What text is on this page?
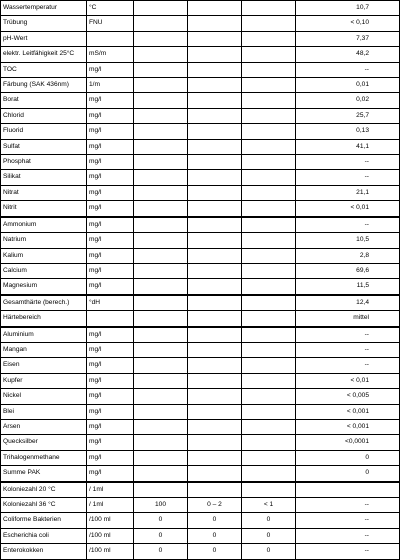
Wassertemperatur	°C				10,7
Trübung	FNU				< 0,10
pH-Wert					7,37
elektr. Leitfähigkeit 25°C	mS/m				48,2
TOC	mg/l				--
Färbung (SAK 436nm)	1/m				0,01
Borat	mg/l				0,02
Chlorid	mg/l				25,7
Fluorid	mg/l				0,13
Sulfat	mg/l				41,1
Phosphat	mg/l				--
Silikat	mg/l				--
Nitrat	mg/l				21,1
Nitrit	mg/l				< 0,01
Ammonium	mg/l				--
Natrium	mg/l				10,5
Kalium	mg/l				2,8
Calcium	mg/l				69,6
Magnesium	mg/l				11,5
Gesamthärte (berech.)	°dH				12,4
Härtebereich					mittel
Aluminium	mg/l				--
Mangan	mg/l				--
Eisen	mg/l				--
Kupfer	mg/l				< 0,01
Nickel	mg/l				< 0,005
Blei	mg/l				< 0,001
Arsen	mg/l				< 0,001
Quecksilber	mg/l				<0,0001
Trihalogenmethane	mg/l				0
Summe PAK	mg/l				0
Koloniezahl 20 °C	/ 1ml				
Koloniezahl 36 °C	/ 1ml	100	0 – 2	< 1	--
Coliforme Bakterien	/100 ml	0	0	0	--
Escherichia coli	/100 ml	0	0	0	--
Enterokokken	/100 ml	0	0	0	--
